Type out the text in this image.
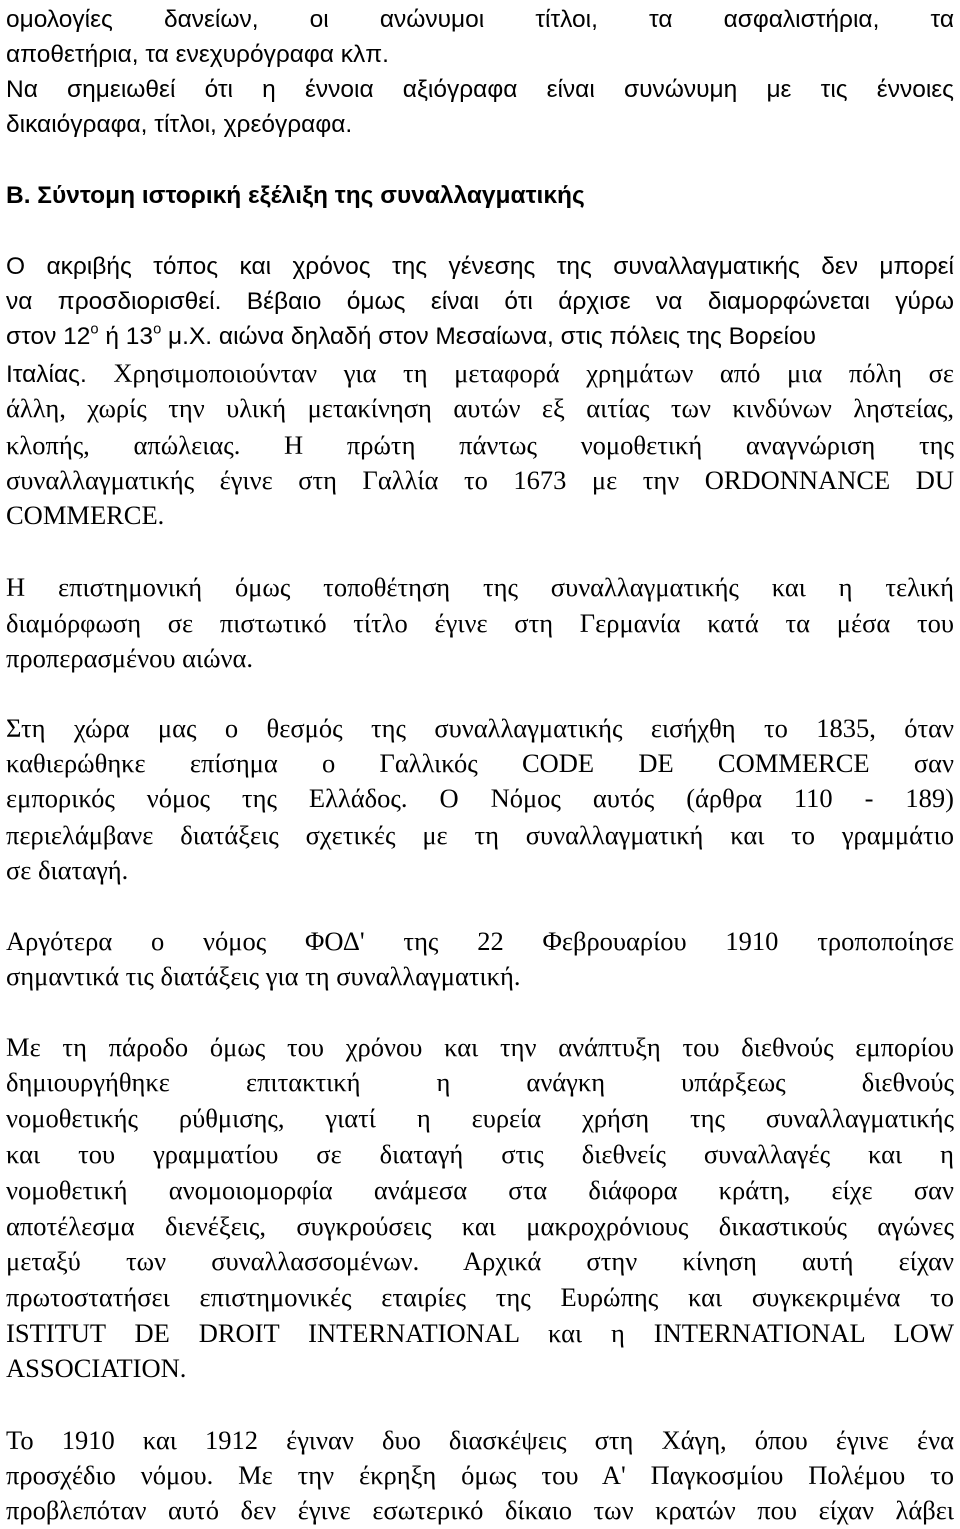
ομολογίες δανείων, οι ανώνυμοι τίτλοι, τα ασφαλιστήρια, τα
αποθετήρια, τα ενεχυρόγραφα κλπ.
Να σημειωθεί ότι η έννοια αξιόγραφα είναι συνώνυμη με τις έννοιες
δικαιόγραφα, τίτλοι, χρεόγραφα.
Β. Σύντομη ιστορική εξέλιξη της συναλλαγματικής
Ο ακριβής τόπος και χρόνος της γένεσης της συναλλαγματικής δεν μπορεί
να προσδιορισθεί. Βέβαιο όμως είναι ότι άρχισε να διαμορφώνεται γύρω
στον $12^o$ ή $13^o$ μ.Χ. αιώνα δηλαδή στον Μεσαίωνα, στις πόλεις της Βορείου
Ιταλίας. Χρησιμοποιούνταν για τη μεταφορά χρημάτων από μια πόλη σε
άλλη, χωρίς την υλική μετακίνηση αυτών εξ αιτίας των κινδύνων ληστείας,
κλοπής, απώλειας. Η πρώτη πάντως νομοθετική αναγνώριση της
συναλλαγματικής έγινε στη Γαλλία το 1673 με την ORDONNANCE DU
COMMERCE.
Η επιστημονική όμως τοποθέτηση της συναλλαγματικής και η τελική
διαμόρφωση σε πιστωτικό τίτλο έγινε στη Γερμανία κατά τα μέσα του
προπερασμένου αιώνα.
Στη χώρα μας ο θεσμός της συναλλαγματικής εισήχθη το 1835, όταν
καθιερώθηκε επίσημα ο Γαλλικός CODE DE COMMERCE σαν
εμπορικός νόμος της Ελλάδος. Ο Νόμος αυτός (άρθρα 110 - 189)
περιελάμβανε διατάξεις σχετικές με τη συναλλαγματική και το γραμμάτιο
σε διαταγή.
Αργότερα ο νόμος ΦΟΔ' της 22 Φεβρουαρίου 1910 τροποποίησε
σημαντικά τις διατάξεις για τη συναλλαγματική.
Με τη πάροδο όμως του χρόνου και την ανάπτυξη του διεθνούς εμπορίου
δημιουργήθηκε επιτακτική η ανάγκη υπάρξεως διεθνούς
νομοθετικής ρύθμισης, γιατί η ευρεία χρήση της συναλλαγματικής
και του γραμματίου σε διαταγή στις διεθνείς συναλλαγές και η
νομοθετική ανομοιομορφία ανάμεσα στα διάφορα κράτη, είχε σαν
αποτέλεσμα διενέξεις, συγκρούσεις και μακροχρόνιους δικαστικούς αγώνες
μεταξύ των συναλλασσομένων. Αρχικά στην κίνηση αυτή είχαν
πρωτοστατήσει επιστημονικές εταιρίες της Ευρώπης και συγκεκριμένα το
ISTITUT DE DROIT INTERNATIONAL και η INTERNATIONAL LOW
ASSOCIATION.
Το 1910 και 1912 έγιναν δυο διασκέψεις στη Χάγη, όπου έγινε ένα
προσχέδιο νόμου. Με την έκρηξη όμως του Α' Παγκοσμίου Πολέμου το
προβλεπόταν αυτό δεν έγινε εσωτερικό δίκαιο των κρατών που είχαν λάβει
